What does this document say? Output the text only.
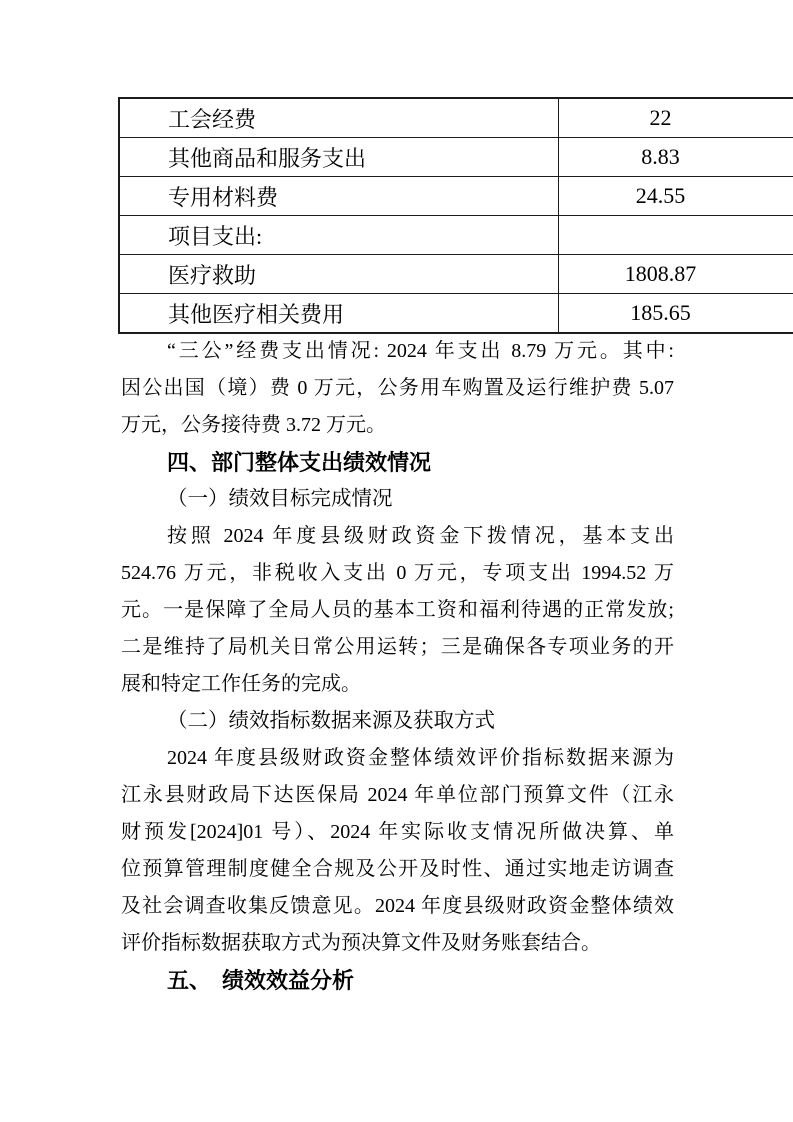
工会经费	22
其他商品和服务支出	8.83
专用材料费	24.55
项目支出:	
医疗救助	1808.87
其他医疗相关费用	185.65
“三公”经费支出情况: 2024 年支出 8.79 万元。其中:
因公出国（境）费 0 万元，公务用车购置及运行维护费 5.07
万元，公务接待费 3.72 万元。
四、部门整体支出绩效情况
（一）绩效目标完成情况
按照 2024 年度县级财政资金下拨情况，基本支出
524.76 万元，非税收入支出 0 万元，专项支出 1994.52 万
元。一是保障了全局人员的基本工资和福利待遇的正常发放;
二是维持了局机关日常公用运转；三是确保各专项业务的开
展和特定工作任务的完成。
（二）绩效指标数据来源及获取方式
2024 年度县级财政资金整体绩效评价指标数据来源为
江永县财政局下达医保局 2024 年单位部门预算文件（江永
财预发[2024]01 号）、2024 年实际收支情况所做决算、单
位预算管理制度健全合规及公开及时性、通过实地走访调查
及社会调查收集反馈意见。2024 年度县级财政资金整体绩效
评价指标数据获取方式为预决算文件及财务账套结合。
五、　绩效效益分析
